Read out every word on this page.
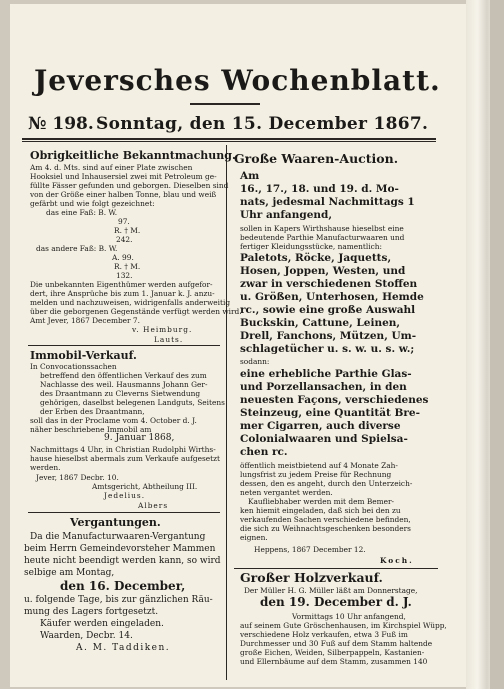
Jeversches Wochenblatt.
№ 198. Sonntag, den 15. December 1867.
Obrigkeitliche Bekanntmachung.
Am 4. d. Mts. sind auf einer Plate zwischen
Hooksiel und Inhausersiel zwei mit Petroleum ge-
füllte Fässer gefunden und geborgen. Dieselben sind
von der Größe einer halben Tonne, blau und weiß
gefärbt und wie folgt gezeichnet:
das eine Faß: B. W.
97.
R. † M.
242.
das andere Faß: B. W.
A. 99.
R. † M.
132.
Die unbekannten Eigenthümer werden aufgefor-
dert, ihre Ansprüche bis zum 1. Januar k. J. anzu-
melden und nachzuweisen, widrigenfalls anderweitig
über die geborgenen Gegenstände verfügt werden wird.
Amt Jever, 1867 December 7.
v. Heimburg.
Lauts.
Immobil-Verkauf.
In Convocationssachen
betreffend den öffentlichen Verkauf des zum
Nachlasse des weil. Hausmanns Johann Ger-
des Draantmann zu Cleverns Sietwendung
gehörigen, daselbst belegenen Landguts, Seitens
der Erben des Draantmann,
soll das in der Proclame vom 4. October d. J.
näher beschriebene Immobil am
9. Januar 1868,
Nachmittags 4 Uhr, in Christian Rudolphi Wirths-
hause hieselbst abermals zum Verkaufe aufgesetzt
werden.
Jever, 1867 Decbr. 10.
Amtsgericht, Abtheilung III.
Jedelius.
Albers
Vergantungen.
Da die Manufacturwaaren-Vergantung
beim Herrn Gemeindevorsteher Mammen
heute nicht beendigt werden kann, so wird
selbige am Montag,
den 16. December,
u. folgende Tage, bis zur gänzlichen Räu-
mung des Lagers fortgesetzt.
Käufer werden eingeladen.
Waarden, Decbr. 14.
A. M. Taddiken.
Große Waaren-Auction.
Am
16., 17., 18. und 19. d. Mo-
nats, jedesmal Nachmittags 1
Uhr anfangend,
sollen in Kapers Wirthshause hieselbst eine
bedeutende Parthie Manufacturwaaren und
fertiger Kleidungsstücke, namentlich:
Paletots, Röcke, Jaquetts,
Hosen, Joppen, Westen, und
zwar in verschiedenen Stoffen
u. Größen, Unterhosen, Hemde
rc., sowie eine große Auswahl
Buckskin, Cattune, Leinen,
Drell, Fanchons, Mützen, Um-
schlagetücher u. s. w. u. s. w.;
sodann:
eine erhebliche Parthie Glas-
und Porzellansachen, in den
neuesten Façons, verschiedenes
Steinzeug, eine Quantität Bre-
mer Cigarren, auch diverse
Colonialwaaren und Spielsa-
chen rc.
öffentlich meistbietend auf 4 Monate Zah-
lungsfrist zu jedem Preise für Rechnung
dessen, den es angeht, durch den Unterzeich-
neten vergantet werden.
Kaufliebhaber werden mit dem Bemer-
ken hiemit eingeladen, daß sich bei den zu
verkaufenden Sachen verschiedene befinden,
die sich zu Weihnachtsgeschenken besonders
eignen.
Heppens, 1867 December 12.
Koch.
Großer Holzverkauf.
Der Müller H. G. Müller läßt am Donnerstage,
den 19. December d. J.
Vormittags 10 Uhr anfangend,
auf seinem Gute Gröschenhausen, im Kirchspiel Wüpp,
verschiedene Holz verkaufen, etwa 3 Fuß im
Durchmesser und 30 Fuß auf dem Stamm haltende
große Eichen, Weiden, Silberpappeln, Kastanien-
und Ellernbäume auf dem Stamm, zusammen 140
